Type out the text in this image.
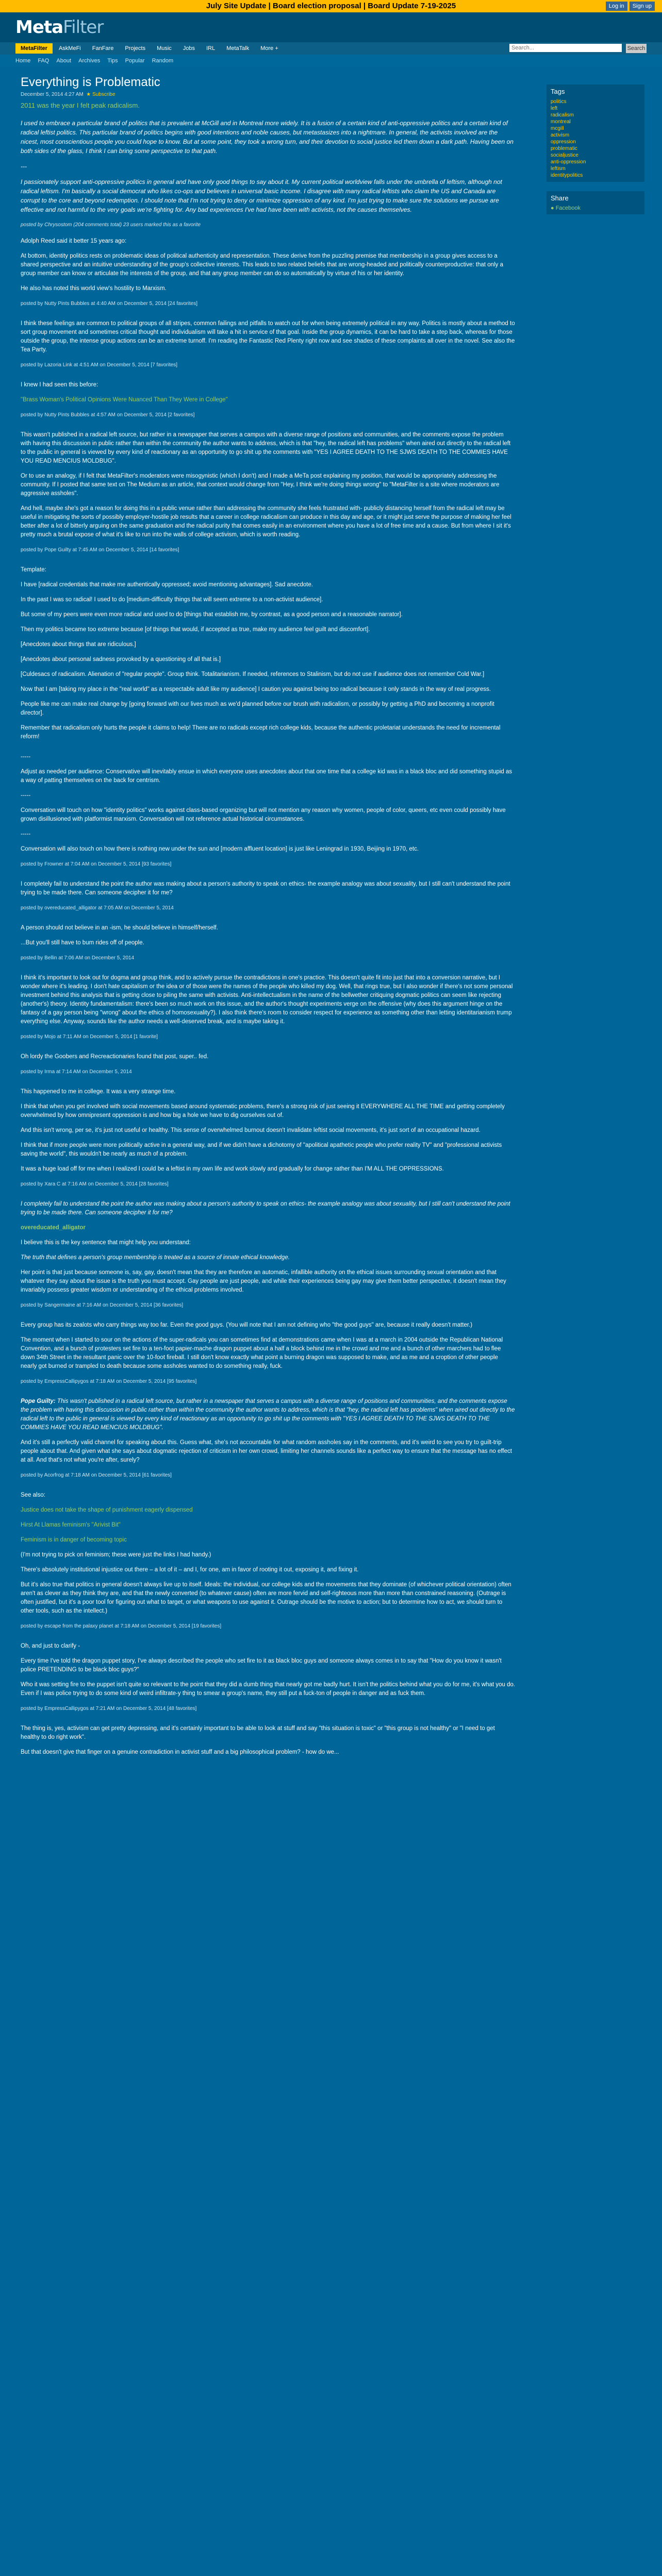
July Site Update | Board election proposal | Board Update 7-19-2025	Log in	Sign up
MetaFilter
MetaFilter	AskMeFi	FanFare	Projects	Music	Jobs	IRL	MetaTalk	More +
Search...	Search
Home FAQ About Archives Tips Popular Random
Everything is Problematic
December 5, 2014 4:27 AM  ★ Subscribe
2011 was the year I felt peak radicalism.

I used to embrace a particular brand of politics that is prevalent at McGill and in Montreal more widely. It is a fusion of a certain kind of anti-oppressive politics and a certain kind of radical leftist politics. This particular brand of politics begins with good intentions and noble causes, but metastasizes into a nightmare. In general, the activists involved are the nicest, most conscientious people you could hope to know. But at some point, they took a wrong turn, and their devotion to social justice led them down a dark path. Having been on both sides of the glass, I think I can bring some perspective to that path.

---

I passionately support anti-oppressive politics in general and have only good things to say about it. My current political worldview falls under the umbrella of leftism, although not radical leftism. I'm basically a social democrat who likes co-ops and believes in universal basic income. I disagree with many radical leftists who claim the US and Canada are corrupt to the core and beyond redemption. I should note that I'm not trying to deny or minimize oppression of any kind. I'm just trying to make sure the solutions we pursue are effective and not harmful to the very goals we're fighting for. Any bad experiences I've had have been with activists, not the causes themselves.

posted by Chrysostom (204 comments total) 23 users marked this as a favorite

Adolph Reed said it better 15 years ago:

At bottom, identity politics rests on problematic ideas of political authenticity and representation. These derive from the puzzling premise that membership in a group gives access to a shared perspective and an intuitive understanding of the group's collective interests. This leads to two related beliefs that are wrong-headed and politically counterproductive: that only a group member can know or articulate the interests of the group, and that any group member can do so automatically by virtue of his or her identity.

He also has noted this world view's hostility to Marxism.

posted by Nutty Pints Bubbles at 4:40 AM on December 5, 2014 [24 favorites]

I think these feelings are common to political groups of all stripes, common failings and pitfalls to watch out for when being extremely political in any way. Politics is mostly about a method to sort group movement and sometimes critical thought and individualism will take a hit in service of that goal. Inside the group dynamics, it can be hard to take a step back, whereas for those outside the group, the intense group actions can be an extreme turnoff. I'm reading the Fantastic Red Plenty right now and see shades of these complaints all over in the novel. See also the Tea Party.

posted by Lazoria Link at 4:51 AM on December 5, 2014 [7 favorites]

I knew I had seen this before:

"Brass Woman's Political Opinions Were Nuanced Than They Were in College"

posted by Nutty Pints Bubbles at 4:57 AM on December 5, 2014 [2 favorites]

This wasn't published in a radical left source, but rather in a newspaper that serves a campus with a diverse range of positions and communities, and the comments expose the problem with having this discussion in public rather than within the community the author wants to address, which is that "hey, the radical left has problems" when aired out directly to the radical left to the public in general is viewed by every kind of reactionary as an opportunity to go shit up the comments with "YES I AGREE DEATH TO THE SJWS DEATH TO THE COMMIES HAVE YOU READ MENCIUS MOLDBUG".

Or to use an analogy, if I felt that MetaFilter's moderators were misogynistic (which I don't) and I made a MeTa post explaining my position, that would be appropriately addressing the community. If I posted that same text on The Medium as an article, that context would change from "Hey, I think we're doing things wrong" to "MetaFilter is a site where moderators are aggressive assholes".

And hell, maybe she's got a reason for doing this in a public venue rather than addressing the community she feels frustrated with- publicly distancing herself from the radical left may be useful in mitigating the sorts of possibly employer-hostile job results that a career in college radicalism can produce in this day and age, or it might just serve the purpose of making her feel better after a lot of bitterly arguing on the same graduation and the radical purity that comes easily in an environment where you have a lot of free time and a cause. But from where I sit it's pretty much a brutal expose of what it's like to run into the walls of college activism, which is worth reading.

posted by Pope Guilty at 7:45 AM on December 5, 2014 [14 favorites]

Template:

I have [radical credentials that make me authentically oppressed; avoid mentioning advantages]. Sad anecdote.

In the past I was so radical! I used to do [medium-difficulty things that will seem extreme to a non-activist audience].

But some of my peers were even more radical and used to do [things that establish me, by contrast, as a good person and a reasonable narrator].

Then my politics became too extreme because [of things that would, if accepted as true, make my audience feel guilt and discomfort].

[Anecdotes about things that are ridiculous.]

[Anecdotes about personal sadness provoked by a questioning of all that is.]

[Culdesacs of radicalism. Alienation of "regular people". Group think. Totalitarianism. If needed, references to Stalinism, but do not use if audience does not remember Cold War.]

Now that I am [taking my place in the "real world" as a respectable adult like my audience] I caution you against being too radical because it only stands in the way of real progress.

People like me can make real change by [going forward with our lives much as we'd planned before our brush with radicalism, or possibly by getting a PhD and becoming a nonprofit director].

Remember that radicalism only hurts the people it claims to help! There are no radicals except rich college kids, because the authentic proletariat understands the need for incremental reform!

-----

Adjust as needed per audience: Conservative will inevitably ensue in which everyone uses anecdotes about that one time that a college kid was in a black bloc and did something stupid as a way of patting themselves on the back for centrism.

-----

Conversation will touch on how "identity politics" works against class-based organizing but will not mention any reason why women, people of color, queers, etc even could possibly have grown disillusioned with platformist marxism. Conversation will not reference actual historical circumstances.

-----

Conversation will also touch on how there is nothing new under the sun and [modern affluent location] is just like Leningrad in 1930, Beijing in 1970, etc.

posted by Frowner at 7:04 AM on December 5, 2014 [93 favorites]

I completely fail to understand the point the author was making about a person's authority to speak on ethics- the example analogy was about sexuality, but I still can't understand the point trying to be made there. Can someone decipher it for me?

posted by overeducated_alligator at 7:05 AM on December 5, 2014

A person should not believe in an -ism, he should believe in himself/herself.

...But you'll still have to bum rides off of people.

posted by Bellin at 7:06 AM on December 5, 2014

I think it's important to look out for dogma and group think, and to actively pursue the contradictions in one's practice. This doesn't quite fit into just that into a conversion narrative, but I wonder where it's leading. I don't hate capitalism or the idea or of those were the names of the people who killed my dog. Well, that rings true, but I also wonder if there's not some personal investment behind this analysis that is getting close to piling the same with activists. Anti-intellectualism in the name of the bellwether critiquing dogmatic politics can seem like rejecting (another's) theory. Identity fundamentalism: there's been so much work on this issue, and the author's thought experiments verge on the offensive (why does this argument hinge on the fantasy of a gay person being "wrong" about the ethics of homosexuality?). I also think there's room to consider respect for experience as something other than letting identitarianism trump everything else. Anyway, sounds like the author needs a well-deserved break, and is maybe taking it.

posted by Mojo at 7:11 AM on December 5, 2014 [1 favorite]

Oh lordy the Goobers and Recreactionaries found that post, super.. fed.

posted by Irma at 7:14 AM on December 5, 2014

This happened to me in college. It was a very strange time.

I think that when you get involved with social movements based around systematic problems, there's a strong risk of just seeing it EVERYWHERE ALL THE TIME and getting completely overwhelmed by how omnipresent oppression is and how big a hole we have to dig ourselves out of.

And this isn't wrong, per se, it's just not useful or healthy. This sense of overwhelmed burnout doesn't invalidate leftist social movements, it's just sort of an occupational hazard.

I think that if more people were more politically active in a general way, and if we didn't have a dichotomy of "apolitical apathetic people who prefer reality TV" and "professional activists saving the world", this wouldn't be nearly as much of a problem.

It was a huge load off for me when I realized I could be a leftist in my own life and work slowly and gradually for change rather than I'M ALL THE OPPRESSIONS.

posted by Xara C at 7:16 AM on December 5, 2014 [28 favorites]

I completely fail to understand the point the author was making about a person's authority to speak on ethics- the example analogy was about sexuality, but I still can't understand the point trying to be made there. Can someone decipher it for me?

overeducated_alligator

I believe this is the key sentence that might help you understand:

The truth that defines a person's group membership is treated as a source of innate ethical knowledge.

Her point is that just because someone is, say, gay, doesn't mean that they are therefore an automatic, infallible authority on the ethical issues surrounding sexual orientation and that whatever they say about the issue is the truth you must accept. Gay people are just people, and while their experiences being gay may give them better perspective, it doesn't mean they invariably possess greater wisdom or understanding of the ethical problems involved.

posted by Sangermaine at 7:16 AM on December 5, 2014 [36 favorites]

Every group has its zealots who carry things way too far. Even the good guys. (You will note that I am not defining who "the good guys" are, because it really doesn't matter.)

The moment when I started to sour on the actions of the super-radicals you can sometimes find at demonstrations came when I was at a march in 2004 outside the Republican National Convention, and a bunch of protesters set fire to a ten-foot papier-mache dragon puppet about a half a block behind me in the crowd and me and a bunch of other marchers had to flee down 34th Street in the resultant panic over the 10-foot fireball. I still don't know exactly what point a burning dragon was supposed to make, and as me and a croption of other people nearly got burned or trampled to death because some assholes wanted to do something really, fuck.

posted by EmpressCallipygos at 7:18 AM on December 5, 2014 [95 favorites]

Pope Guilty: This wasn't published in a radical left source, but rather in a newspaper that serves a campus with a diverse range of positions and communities, and the comments expose the problem with having this discussion in public rather than within the community the author wants to address, which is that "hey, the radical left has problems" when aired out directly to the radical left to the public in general is viewed by every kind of reactionary as an opportunity to go shit up the comments with "YES I AGREE DEATH TO THE SJWS DEATH TO THE COMMIES HAVE YOU READ MENCIUS MOLDBUG".

And it's still a perfectly valid channel for speaking about this. Guess what, she's not accountable for what random assholes say in the comments, and it's weird to see you try to guilt-trip people about that. And given what she says about dogmatic rejection of criticism in her own crowd, limiting her channels sounds like a perfect way to ensure that the message has no effect at all. And that's not what you're after, surely?

posted by Acorfrog at 7:18 AM on December 5, 2014 [61 favorites]

See also:

Justice does not take the shape of punishment eagerly dispensed

Hirst At Llamas feminism's "Arivist Bit"

Feminism is in danger of becoming topic

(I'm not trying to pick on feminism; these were just the links I had handy.)

There's absolutely institutional injustice out there – a lot of it – and I, for one, am in favor of rooting it out, exposing it, and fixing it.

But it's also true that politics in general doesn't always live up to itself. Ideals: the individual, our college kids and the movements that they dominate (of whichever political orientation) often aren't as clever as they think they are, and that the newly converted (to whatever cause) often are more fervid and self-righteous more than more than constrained reasoning. (Outrage is often justified, but it's a poor tool for figuring out what to target, or what weapons to use against it. Outrage should be the motive to action; but to determine how to act, we should turn to other tools, such as the intellect.)

posted by escape from the palaxy planet at 7:18 AM on December 5, 2014 [19 favorites]

Oh, and just to clarify -

Every time I've told the dragon puppet story, I've always described the people who set fire to it as black bloc guys and someone always comes in to say that "How do you know it wasn't police PRETENDING to be black bloc guys?"

Who it was setting fire to the puppet isn't quite so relevant to the point that they did a dumb thing that nearly got me badly hurt. It isn't the politics behind what you do for me, it's what you do. Even if I was police trying to do some kind of weird infiltrate-y thing to smear a group's name, they still put a fuck-ton of people in danger and as fuck them.

posted by EmpressCallipygos at 7:21 AM on December 5, 2014 [48 favorites]

The thing is, yes, activism can get pretty depressing, and it's certainly important to be able to look at stuff and say "this situation is toxic" or "this group is not healthy" or "I need to get healthy to do right work".

But that doesn't give that finger on a genuine contradiction in activist stuff and a big philosophical problem? - how do we...

Tags
politics
left
radicalism
montreal
mcgill
activism
oppression
problematic
socialjustice
anti-oppression
leftism
identitypolitics
Share
● Facebook
